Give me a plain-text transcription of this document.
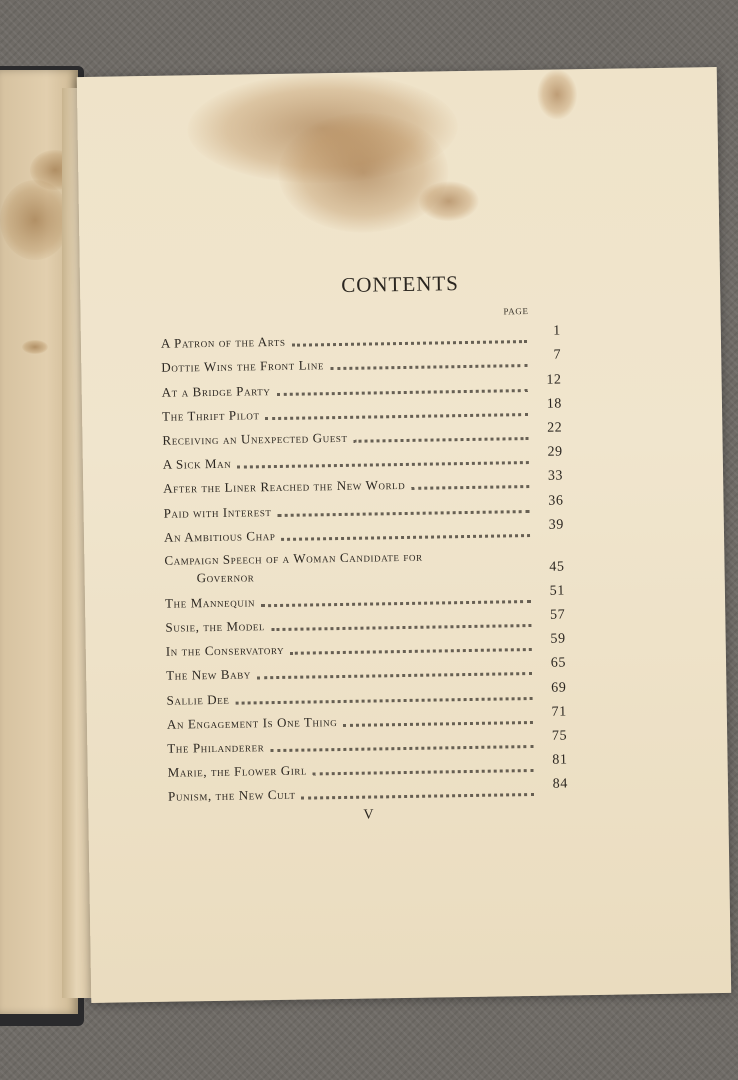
CONTENTS
PAGE
A Patron of the Arts
1
Dottie Wins the Front Line
7
At a Bridge Party
12
The Thrift Pilot
18
Receiving an Unexpected Guest
22
A Sick Man
29
After the Liner Reached the New World
33
Paid with Interest
36
An Ambitious Chap
39
Campaign Speech of a Woman Candidate for
Governor
45
The Mannequin
51
Susie, the Model
57
In the Conservatory
59
The New Baby
65
Sallie Dee
69
An Engagement Is One Thing
71
The Philanderer
75
Marie, the Flower Girl
81
Punism, the New Cult
84
V
